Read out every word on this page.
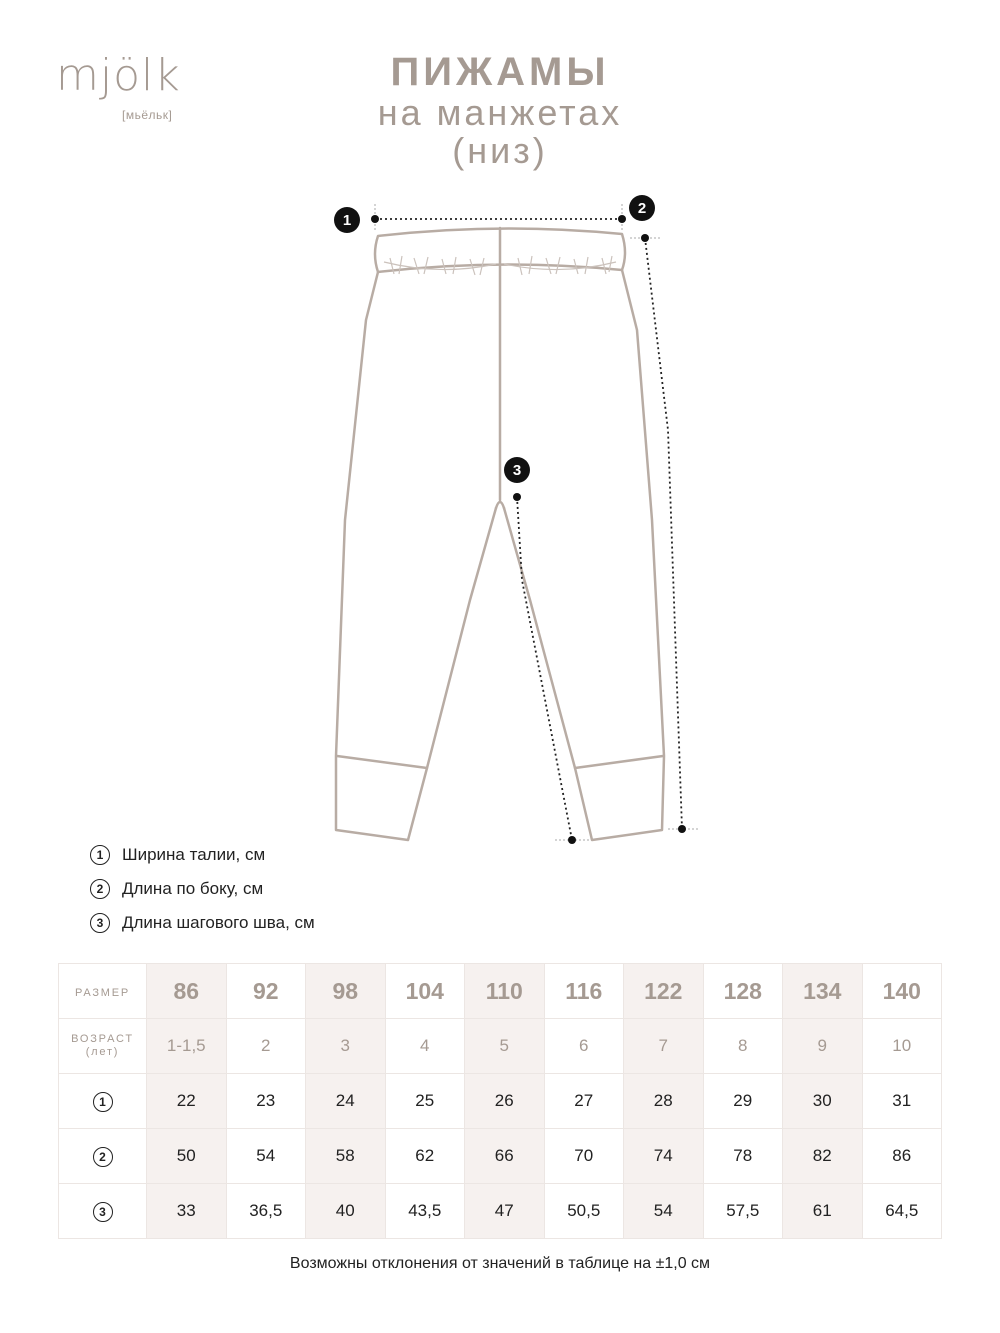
mjölk
[мьёльк]
ПИЖАМЫ
на манжетах
(низ)
1
2
3
1	Ширина талии, см
2	Длина по боку, см
3	Длина шагового шва, см
РАЗМЕР	86	92	98	104	110	116	122	128	134	140

ВОЗРАСТ
(лет)	1-1,5	2	3	4	5	6	7	8	9	10
1	22	23	24	25	26	27	28	29	30	31
2	50	54	58	62	66	70	74	78	82	86
3	33	36,5	40	43,5	47	50,5	54	57,5	61	64,5
Возможны отклонения от значений в таблице на ±1,0 см
